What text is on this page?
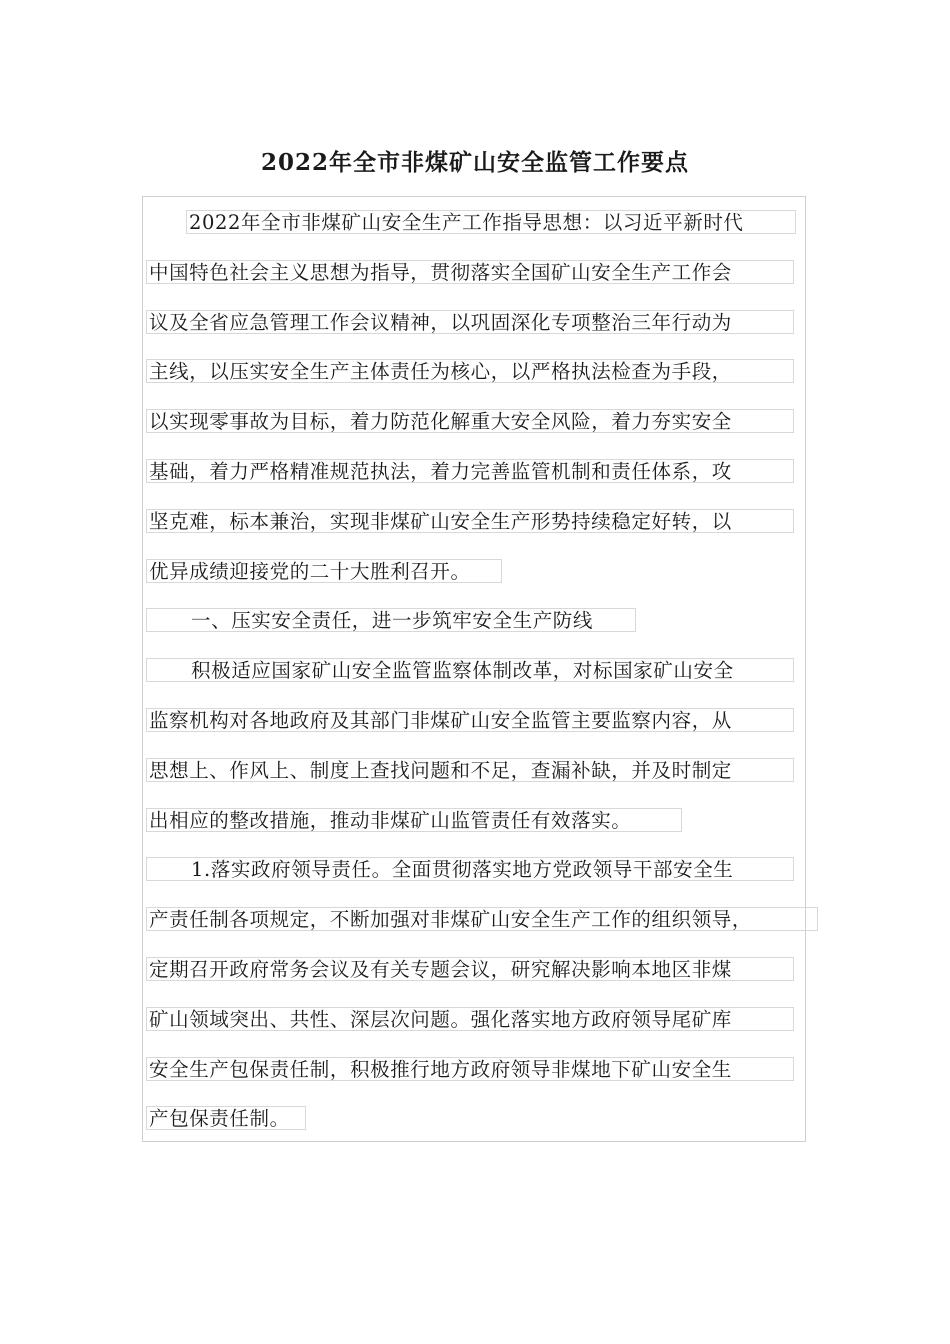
2022年全市非煤矿山安全监管工作要点
2022年全市非煤矿山安全生产工作指导思想：以习近平新时代
中国特色社会主义思想为指导，贯彻落实全国矿山安全生产工作会
议及全省应急管理工作会议精神，以巩固深化专项整治三年行动为
主线，以压实安全生产主体责任为核心，以严格执法检查为手段，
以实现零事故为目标，着力防范化解重大安全风险，着力夯实安全
基础，着力严格精准规范执法，着力完善监管机制和责任体系，攻
坚克难，标本兼治，实现非煤矿山安全生产形势持续稳定好转，以
优异成绩迎接党的二十大胜利召开。
一、压实安全责任，进一步筑牢安全生产防线
积极适应国家矿山安全监管监察体制改革，对标国家矿山安全
监察机构对各地政府及其部门非煤矿山安全监管主要监察内容，从
思想上、作风上、制度上查找问题和不足，查漏补缺，并及时制定
出相应的整改措施，推动非煤矿山监管责任有效落实。
1.落实政府领导责任。全面贯彻落实地方党政领导干部安全生
产责任制各项规定，不断加强对非煤矿山安全生产工作的组织领导，
定期召开政府常务会议及有关专题会议，研究解决影响本地区非煤
矿山领域突出、共性、深层次问题。强化落实地方政府领导尾矿库
安全生产包保责任制，积极推行地方政府领导非煤地下矿山安全生
产包保责任制。
